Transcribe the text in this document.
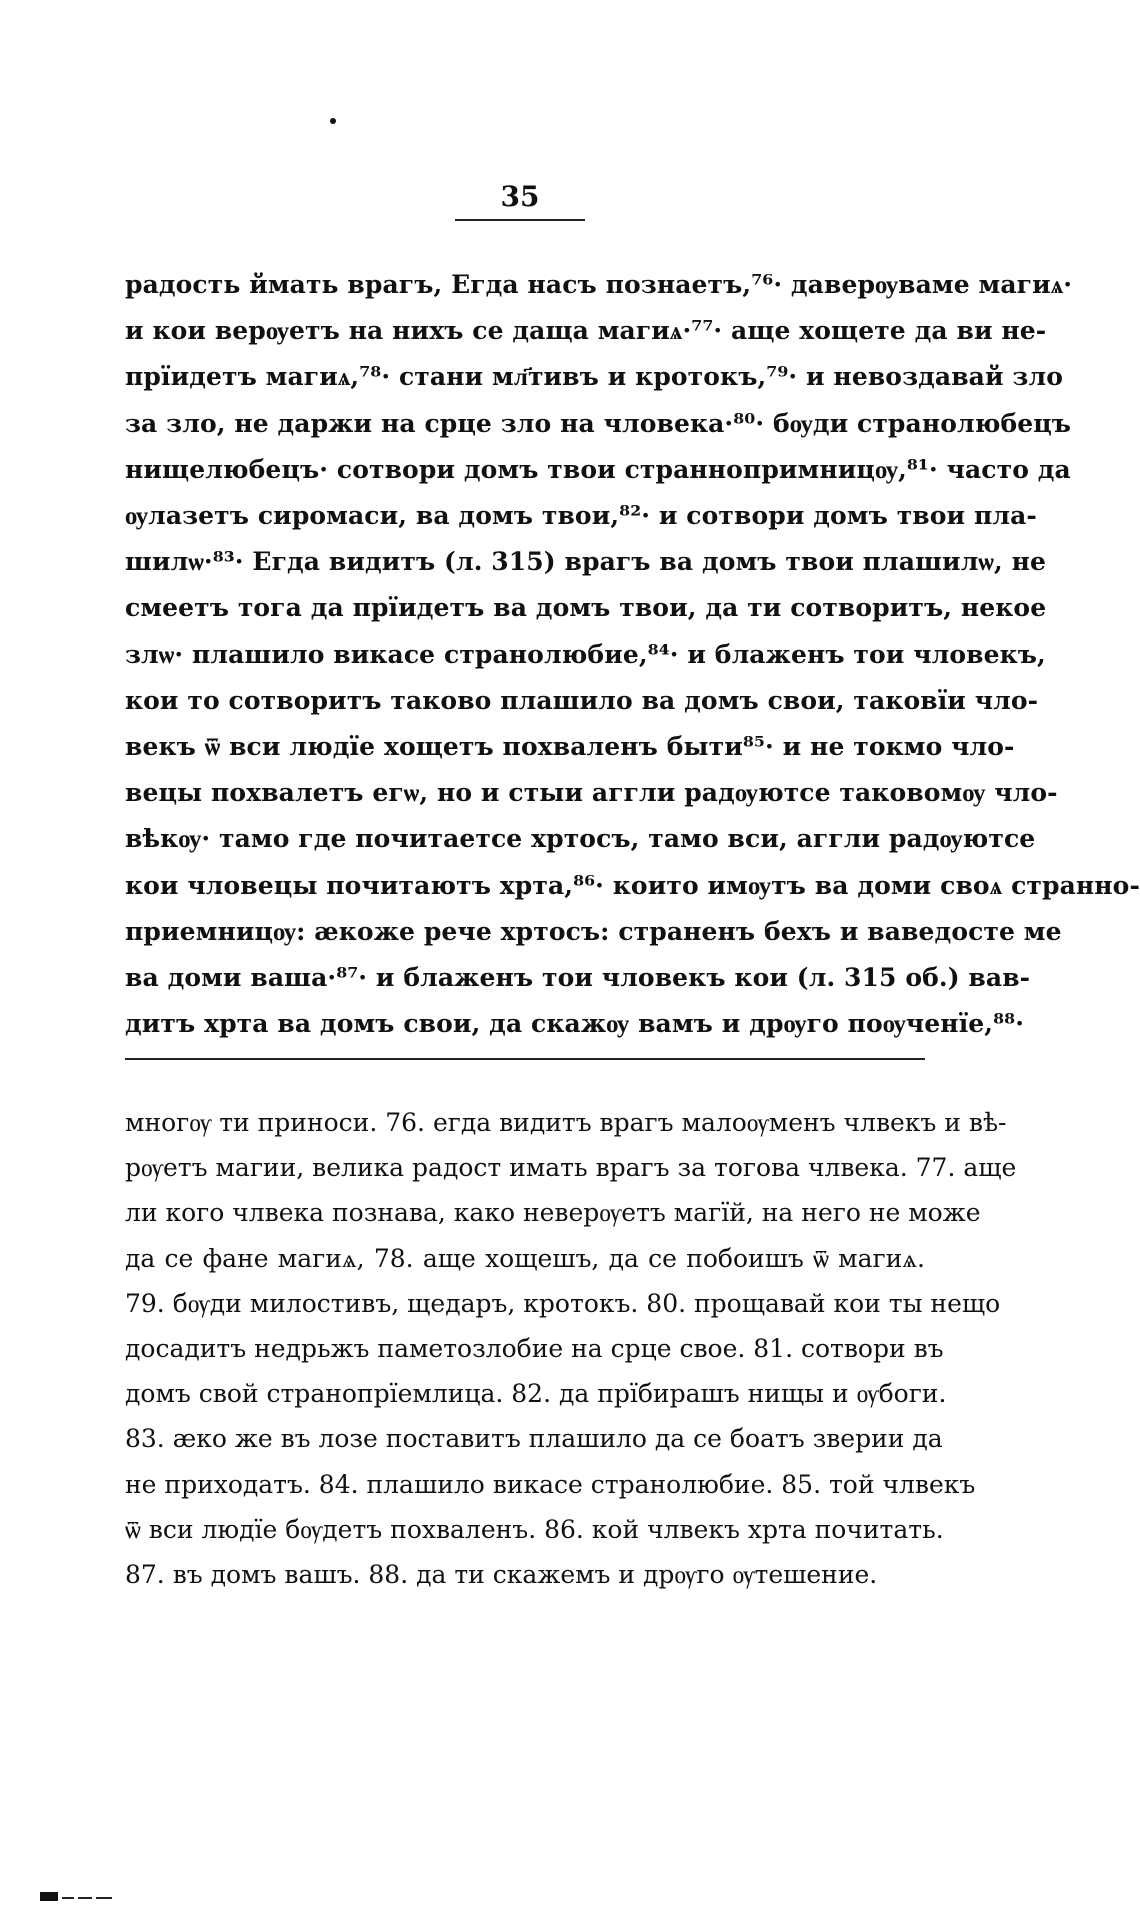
35
радость ймать врагъ, Егда насъ познаетъ,⁷⁶· даверѹваме магиѧ·
и кои верѹетъ на нихъ се даща магиѧ·⁷⁷· аще хощете да ви не-
прїидетъ магиѧ,⁷⁸· стани мл҃тивъ и кротокъ,⁷⁹· и невоздавай зло
за зло, не даржи на срце зло на чловека·⁸⁰· бѹди странолюбецъ
нищелюбецъ· сотвори домъ твои страннопримницѹ,⁸¹· часто да
ѹлазетъ сиромаси, ва домъ твои,⁸²· и сотвори домъ твои пла-
шилѡ·⁸³· Егда видитъ (л. 315) врагъ ва домъ твои плашилѡ, не
смеетъ тога да прїидетъ ва домъ твои, да ти сотворитъ, некое
злѡ· плашило викасе странолюбие,⁸⁴· и блаженъ тои чловекъ,
кои то сотворитъ таково плашило ва домъ свои, таковїи чло-
векъ ѿ вси людїе хощетъ похваленъ быти⁸⁵· и не токмо чло-
вецы похвалетъ егѡ, но и стыи аггли радѹютсе таковомѹ чло-
вѣкѹ· тамо где почитаетсе хртосъ, тамо вси, аггли радѹютсе
кои чловецы почитаютъ хрта,⁸⁶· които имѹтъ ва доми своѧ странно-
приемницѹ: ӕкоже рече хртосъ: страненъ бехъ и ваведосте ме
ва доми ваша·⁸⁷· и блаженъ тои чловекъ кои (л. 315 об.) вав-
дитъ хрта ва домъ свои, да скажѹ вамъ и дрѹго поѹченїе,⁸⁸·
многѹ ти приноси. 76. егда видитъ врагъ малоѹменъ члвекъ и вѣ-
рѹетъ магии, велика радост имать врагъ за тогова члвека. 77. аще
ли кого члвека познава, како неверѹетъ магїй, на него не може
да се фане магиѧ, 78. аще хощешъ, да се побоишъ ѿ магиѧ.
79. бѹди милостивъ, щедаръ, кротокъ. 80. прощавай кои ты нещо
досадитъ недрьжъ паметозлобие на срце свое. 81. сотвори въ
домъ свой странопрїемлица. 82. да прїбирашъ нищы и ѹбоги.
83. ӕко же въ лозе поставитъ плашило да се боатъ зверии да
не приходатъ. 84. плашило викасе странолюбие. 85. той члвекъ
ѿ вси людїе бѹдетъ похваленъ. 86. кой члвекъ хрта почитать.
87. въ домъ вашъ. 88. да ти скажемъ и дрѹго ѹтешение.
